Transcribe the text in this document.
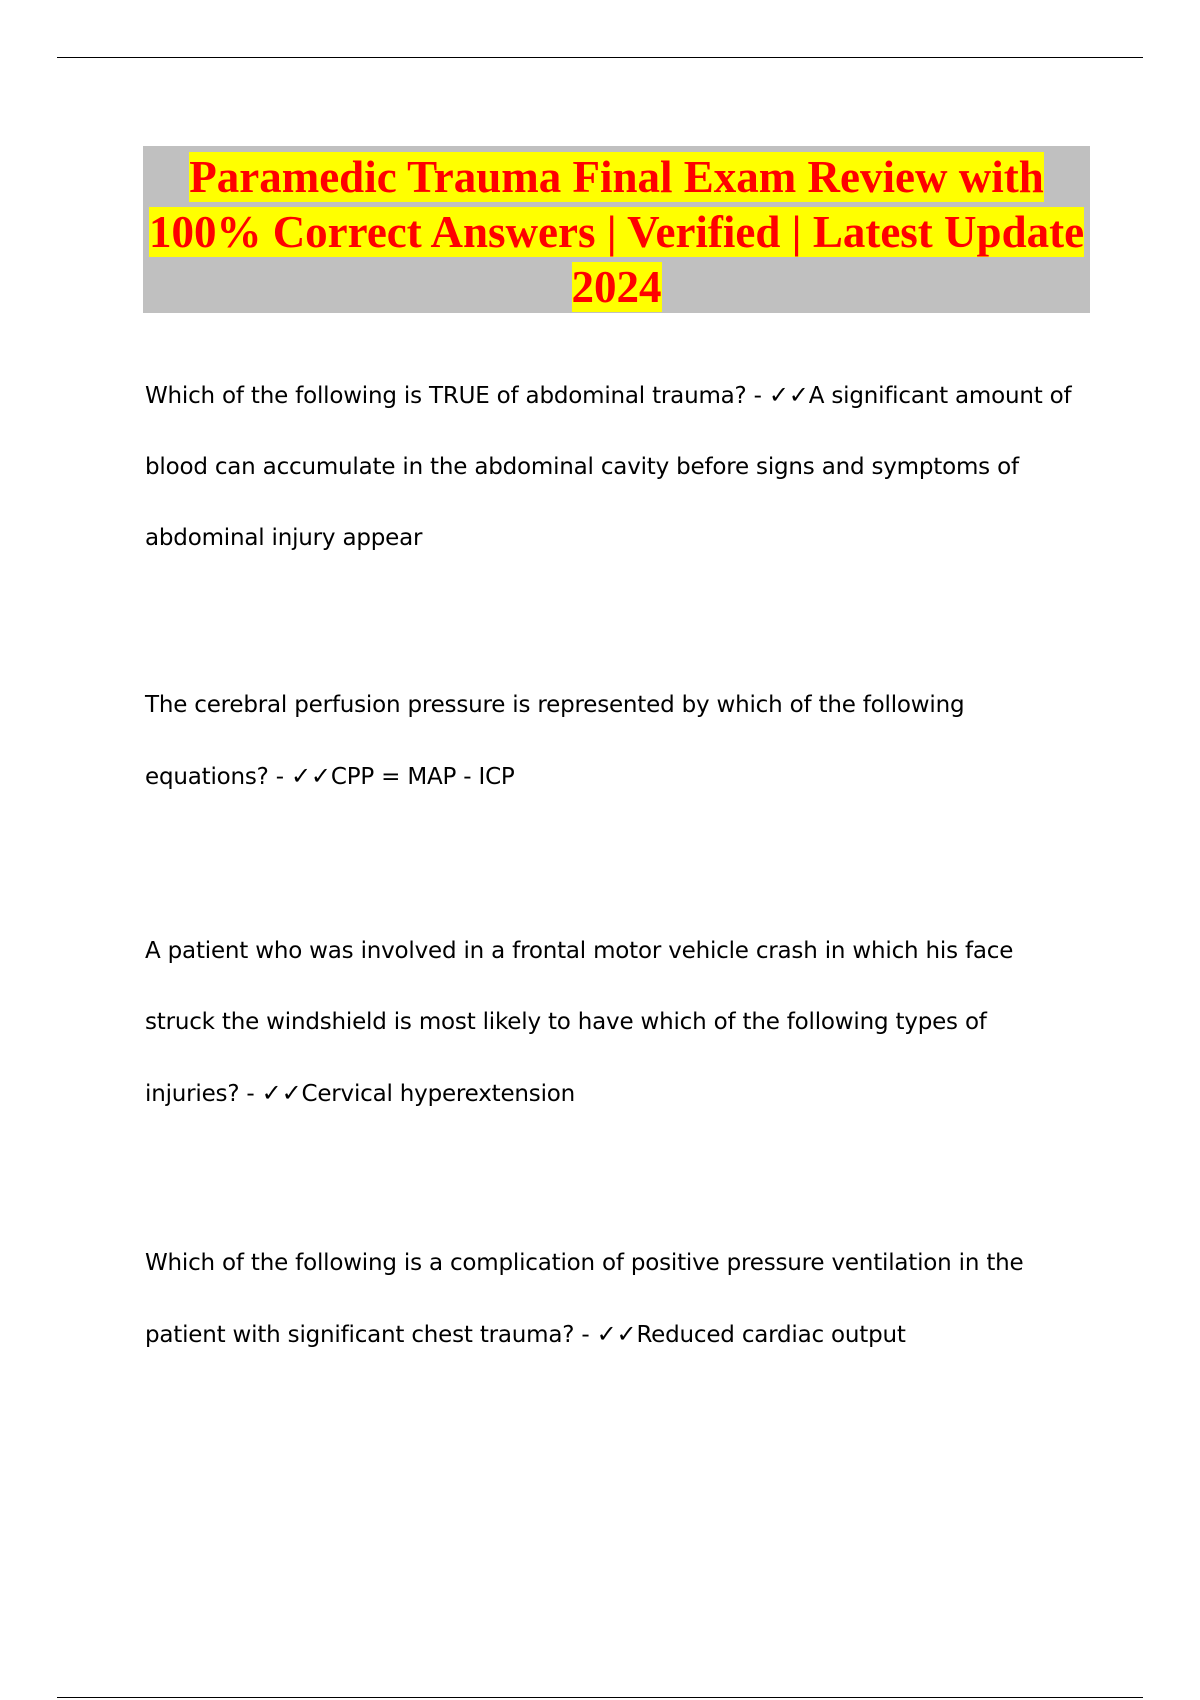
Paramedic Trauma Final Exam Review with 100% Correct Answers | Verified | Latest Update 2024

Which of the following is TRUE of abdominal trauma? - ✓✓A significant amount of blood can accumulate in the abdominal cavity before signs and symptoms of abdominal injury appear

The cerebral perfusion pressure is represented by which of the following equations? - ✓✓CPP = MAP - ICP

A patient who was involved in a frontal motor vehicle crash in which his face struck the windshield is most likely to have which of the following types of injuries? - ✓✓Cervical hyperextension

Which of the following is a complication of positive pressure ventilation in the patient with significant chest trauma? - ✓✓Reduced cardiac output
